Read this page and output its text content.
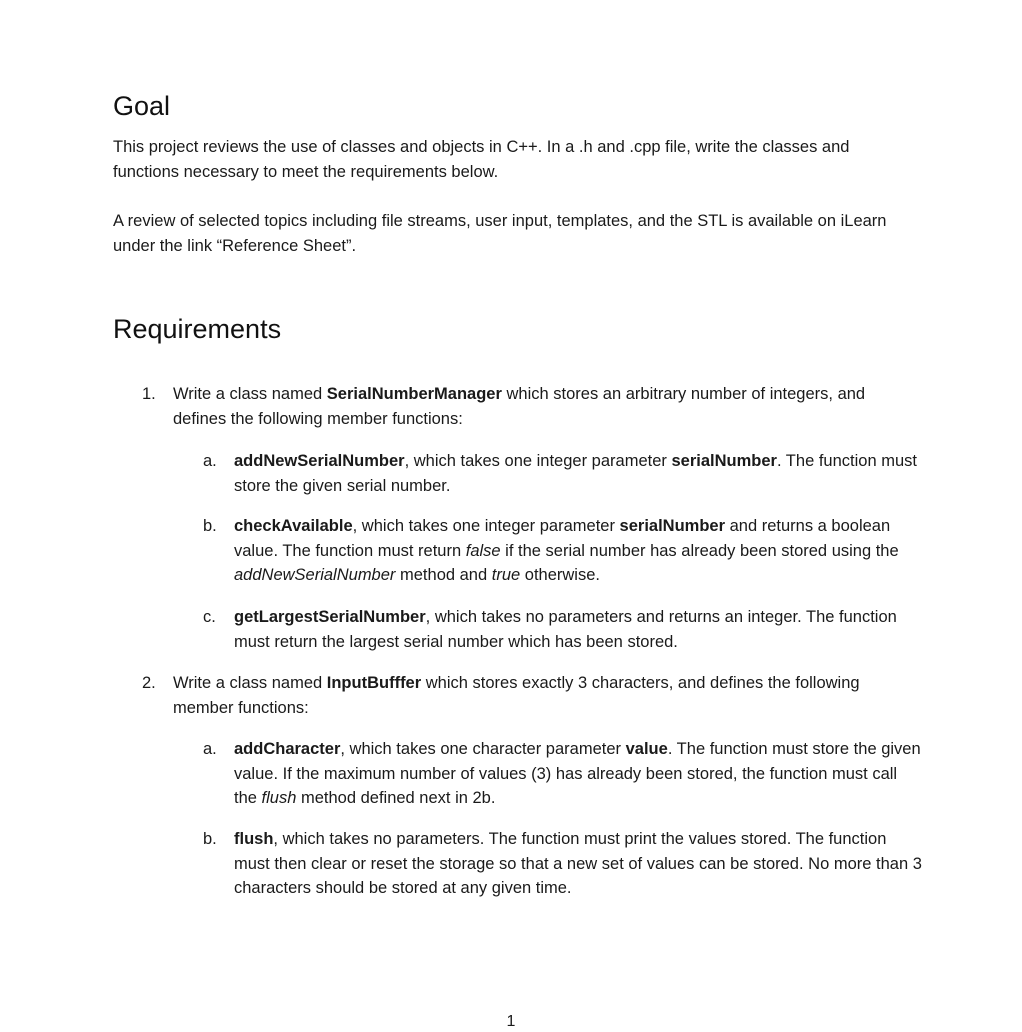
Goal

This project reviews the use of classes and objects in C++. In a .h and .cpp file, write the classes and functions necessary to meet the requirements below.

A review of selected topics including file streams, user input, templates, and the STL is available on iLearn under the link “Reference Sheet”.

Requirements
1. Write a class named SerialNumberManager which stores an arbitrary number of integers, and defines the following member functions:

a. addNewSerialNumber, which takes one integer parameter serialNumber. The function must store the given serial number.

b. checkAvailable, which takes one integer parameter serialNumber and returns a boolean value. The function must return false if the serial number has already been stored using the addNewSerialNumber method and true otherwise.

c. getLargestSerialNumber, which takes no parameters and returns an integer. The function must return the largest serial number which has been stored.

2. Write a class named InputBufffer which stores exactly 3 characters, and defines the following member functions:

a. addCharacter, which takes one character parameter value. The function must store the given value. If the maximum number of values (3) has already been stored, the function must call the flush method defined next in 2b.

b. flush, which takes no parameters. The function must print the values stored. The function must then clear or reset the storage so that a new set of values can be stored. No more than 3 characters should be stored at any given time.

1
